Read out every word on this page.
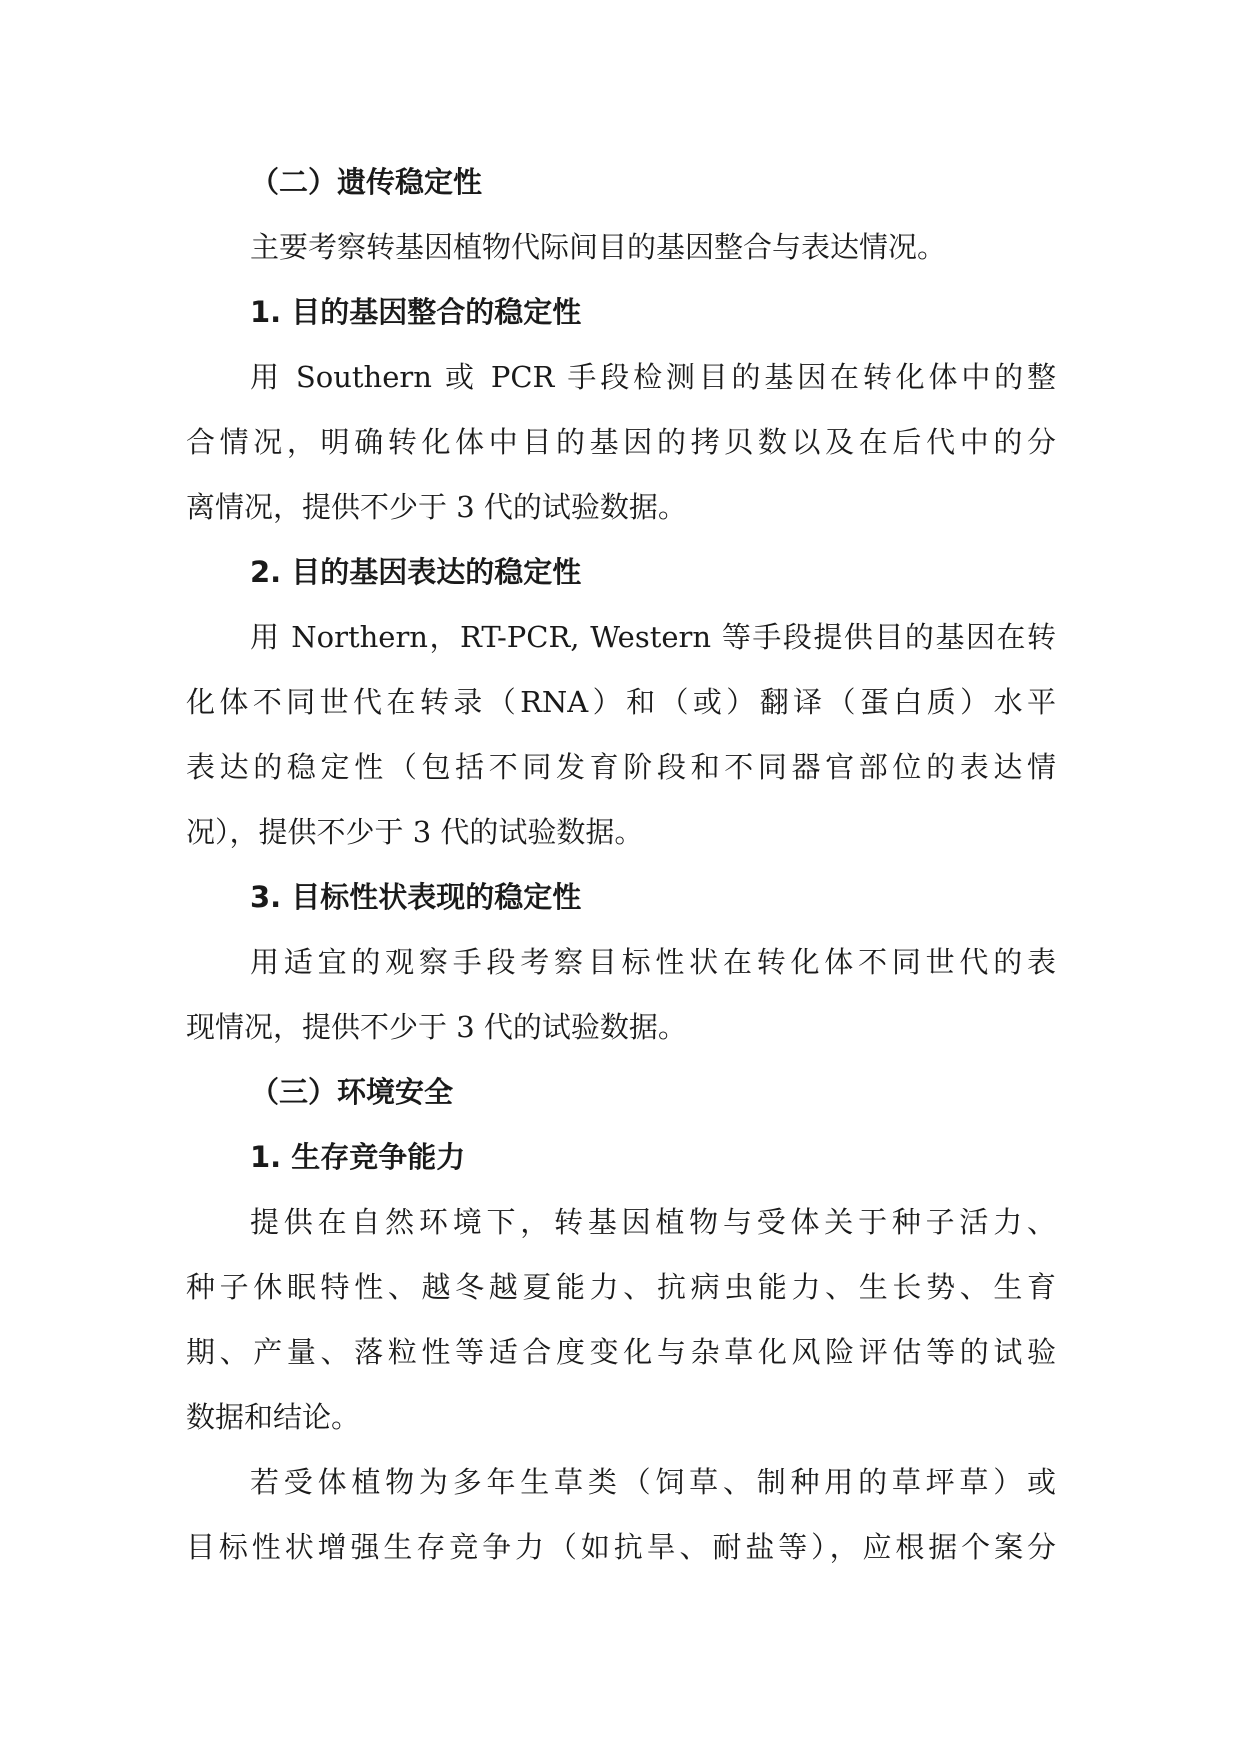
（二）遗传稳定性
主要考察转基因植物代际间目的基因整合与表达情况。
1. 目的基因整合的稳定性
用 Southern 或 PCR 手段检测目的基因在转化体中的整
合情况，明确转化体中目的基因的拷贝数以及在后代中的分
离情况，提供不少于 3 代的试验数据。
2. 目的基因表达的稳定性
用 Northern，RT-PCR, Western 等手段提供目的基因在转
化体不同世代在转录（RNA）和（或）翻译（蛋白质）水平
表达的稳定性（包括不同发育阶段和不同器官部位的表达情
况），提供不少于 3 代的试验数据。
3. 目标性状表现的稳定性
用适宜的观察手段考察目标性状在转化体不同世代的表
现情况，提供不少于 3 代的试验数据。
（三）环境安全
1. 生存竞争能力
提供在自然环境下，转基因植物与受体关于种子活力、
种子休眠特性、越冬越夏能力、抗病虫能力、生长势、生育
期、产量、落粒性等适合度变化与杂草化风险评估等的试验
数据和结论。
若受体植物为多年生草类（饲草、制种用的草坪草）或
目标性状增强生存竞争力（如抗旱、耐盐等），应根据个案分
